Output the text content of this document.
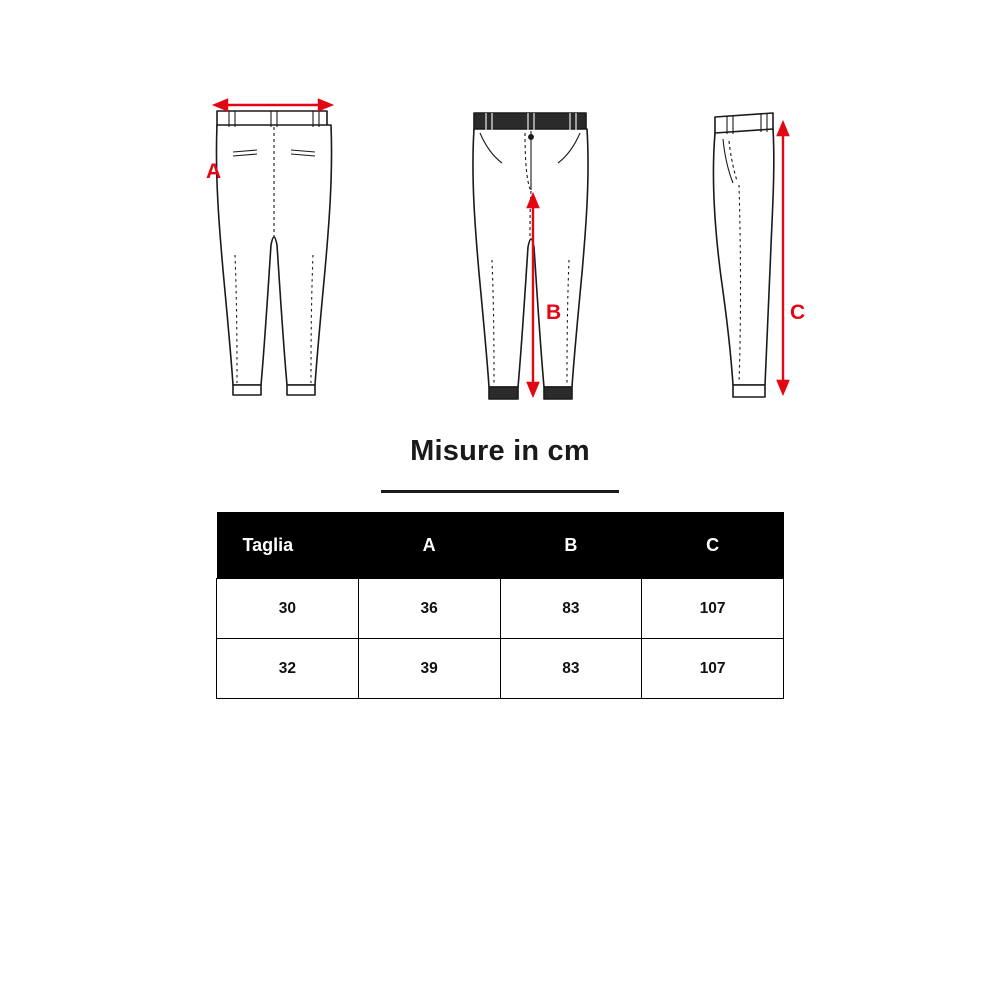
A
B	C
Misure in cm
Taglia	A	B	C
30	36	83	107
32	39	83	107
